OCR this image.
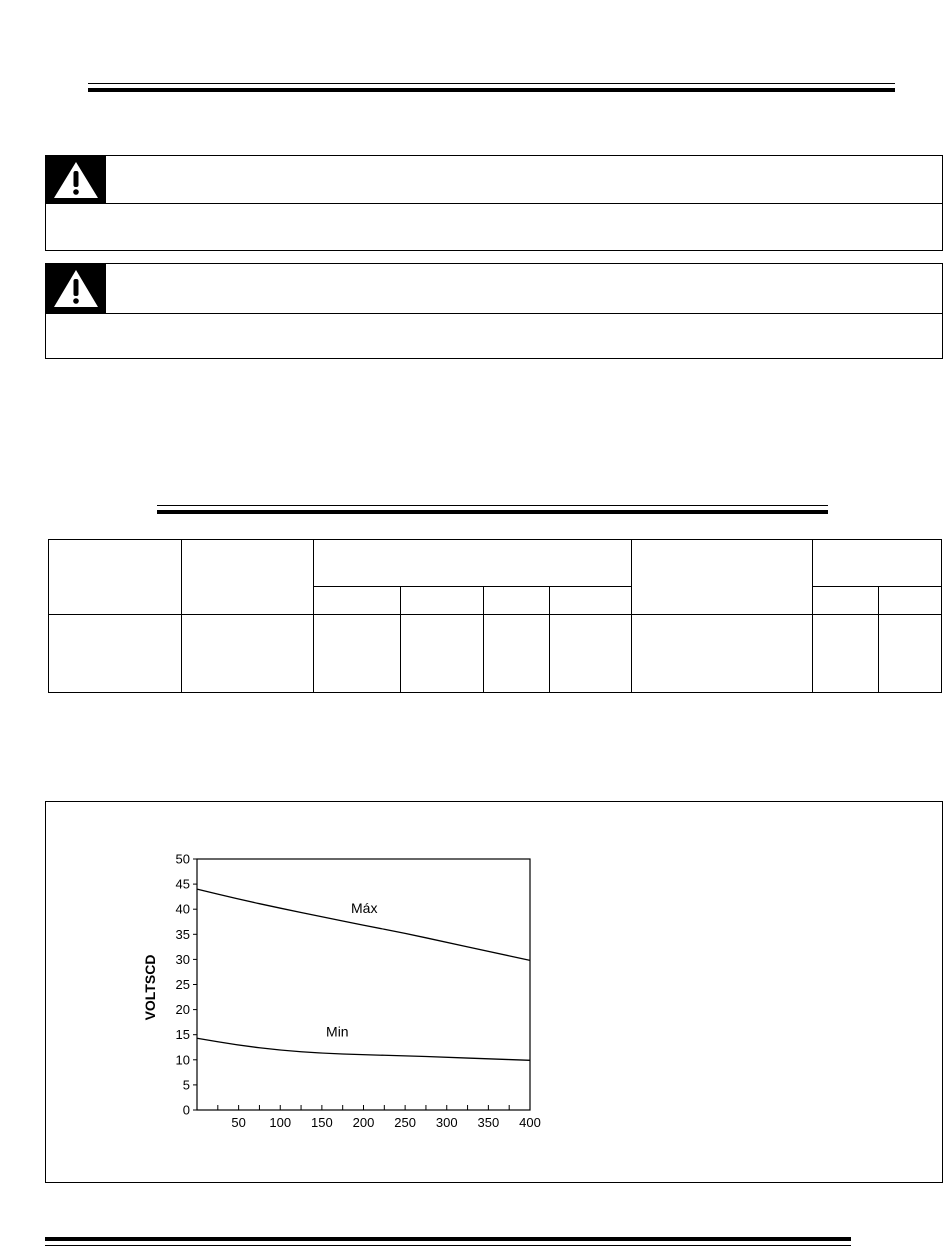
0
5
10
15
20
25
30
35
40
45
50
50 100 150 200 250 300 350 400
Máx
Min
VOLTSCD
